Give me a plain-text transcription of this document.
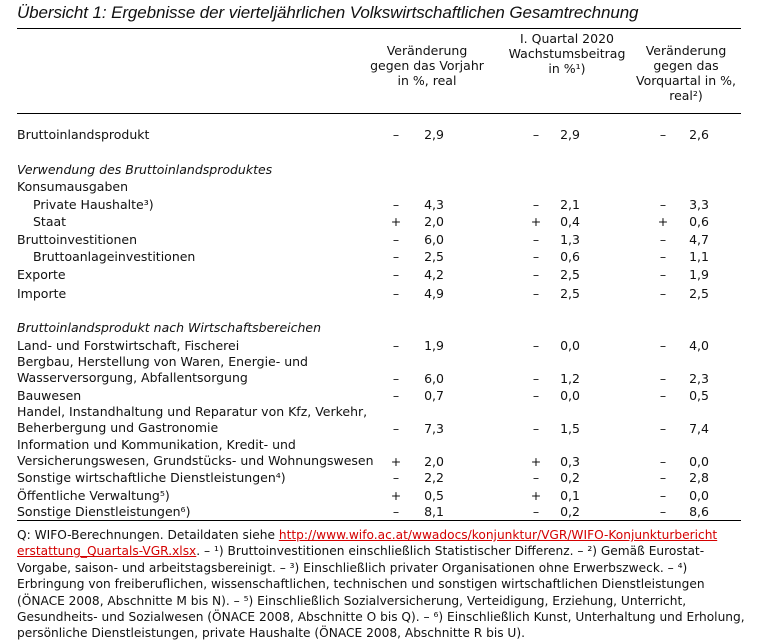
Übersicht 1: Ergebnisse der vierteljährlichen Volkswirtschaftlichen Gesamtrechnung
Veränderung
gegen das Vorjahr
in %, real
I. Quartal 2020
Wachstumsbeitrag
in %¹)
Veränderung
gegen das
Vorquartal in %,
real²)
Bruttoinlandsprodukt	–	2,9	–	2,9	–	2,6
Verwendung des Bruttoinlandsproduktes
Konsumausgaben
Private Haushalte³)	–	4,3	–	2,1	–	3,3
Staat	+	2,0	+	0,4	+	0,6
Bruttoinvestitionen	–	6,0	–	1,3	–	4,7
Bruttoanlageinvestitionen	–	2,5	–	0,6	–	1,1
Exporte	–	4,2	–	2,5	–	1,9
Importe	–	4,9	–	2,5	–	2,5
Bruttoinlandsprodukt nach Wirtschaftsbereichen
Land- und Forstwirtschaft, Fischerei	–	1,9	–	0,0	–	4,0
Bergbau, Herstellung von Waren, Energie- und
Wasserversorgung, Abfallentsorgung	–	6,0	–	1,2	–	2,3
Bauwesen	–	0,7	–	0,0	–	0,5
Handel, Instandhaltung und Reparatur von Kfz, Verkehr,
Beherbergung und Gastronomie	–	7,3	–	1,5	–	7,4
Information und Kommunikation, Kredit- und
Versicherungswesen, Grundstücks- und Wohnungswesen +	2,0	+	0,3	–	0,0
Sonstige wirtschaftliche Dienstleistungen⁴)	–	2,2	–	0,2	–	2,8
Öffentliche Verwaltung⁵)	+	0,5	+	0,1	–	0,0
Sonstige Dienstleistungen⁶)	–	8,1	–	0,2	–	8,6
Q: WIFO-Berechnungen. Detaildaten siehe http://www.wifo.ac.at/wwadocs/konjunktur/VGR/WIFO-Konjunkturbericht erstattung_Quartals-VGR.xlsx. – ¹) Bruttoinvestitionen einschließlich Statistischer Differenz. – ²) Gemäß Eurostat-Vorgabe, saison- und arbeitstagsbereinigt. – ³) Einschließlich privater Organisationen ohne Erwerbszweck. – ⁴) Erbringung von freiberuflichen, wissenschaftlichen, technischen und sonstigen wirtschaftlichen Dienstleistungen (ÖNACE 2008, Abschnitte M bis N). – ⁵) Einschließlich Sozialversicherung, Verteidigung, Erziehung, Unterricht, Gesundheits- und Sozialwesen (ÖNACE 2008, Abschnitte O bis Q). – ⁶) Einschließlich Kunst, Unterhaltung und Erholung, persönliche Dienstleistungen, private Haushalte (ÖNACE 2008, Abschnitte R bis U).
